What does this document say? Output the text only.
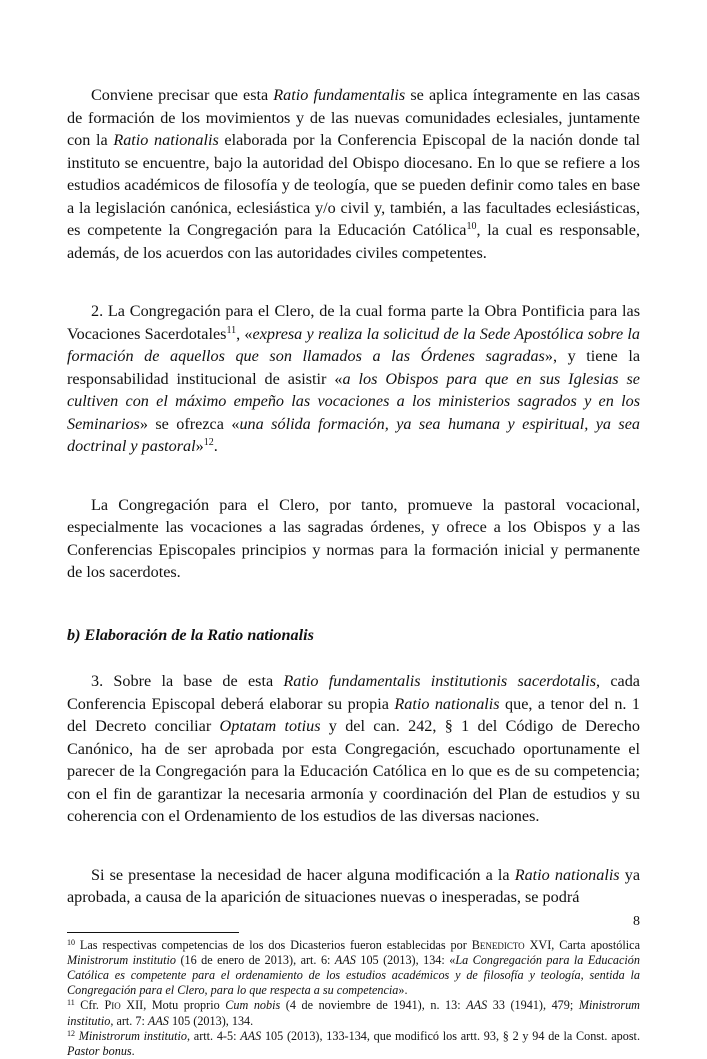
Conviene precisar que esta Ratio fundamentalis se aplica íntegramente en las casas de formación de los movimientos y de las nuevas comunidades eclesiales, juntamente con la Ratio nationalis elaborada por la Conferencia Episcopal de la nación donde tal instituto se encuentre, bajo la autoridad del Obispo diocesano. En lo que se refiere a los estudios académicos de filosofía y de teología, que se pueden definir como tales en base a la legislación canónica, eclesiástica y/o civil y, también, a las facultades eclesiásticas, es competente la Congregación para la Educación Católica$^{10}$, la cual es responsable, además, de los acuerdos con las autoridades civiles competentes.

2. La Congregación para el Clero, de la cual forma parte la Obra Pontificia para las Vocaciones Sacerdotales$^{11}$, «expresa y realiza la solicitud de la Sede Apostólica sobre la formación de aquellos que son llamados a las Órdenes sagradas», y tiene la responsabilidad institucional de asistir «a los Obispos para que en sus Iglesias se cultiven con el máximo empeño las vocaciones a los ministerios sagrados y en los Seminarios» se ofrezca «una sólida formación, ya sea humana y espiritual, ya sea doctrinal y pastoral»$^{12}$.

La Congregación para el Clero, por tanto, promueve la pastoral vocacional, especialmente las vocaciones a las sagradas órdenes, y ofrece a los Obispos y a las Conferencias Episcopales principios y normas para la formación inicial y permanente de los sacerdotes.

b) Elaboración de la Ratio nationalis

3. Sobre la base de esta Ratio fundamentalis institutionis sacerdotalis, cada Conferencia Episcopal deberá elaborar su propia Ratio nationalis que, a tenor del n. 1 del Decreto conciliar Optatam totius y del can. 242, § 1 del Código de Derecho Canónico, ha de ser aprobada por esta Congregación, escuchado oportunamente el parecer de la Congregación para la Educación Católica en lo que es de su competencia; con el fin de garantizar la necesaria armonía y coordinación del Plan de estudios y su coherencia con el Ordenamiento de los estudios de las diversas naciones.

Si se presentase la necesidad de hacer alguna modificación a la Ratio nationalis ya aprobada, a causa de la aparición de situaciones nuevas o inesperadas, se podrá

$^{10}$ Las respectivas competencias de los dos Dicasterios fueron establecidas por Benedicto XVI, Carta apostólica Ministrorum institutio (16 de enero de 2013), art. 6: AAS 105 (2013), 134: «La Congregación para la Educación Católica es competente para el ordenamiento de los estudios académicos y de filosofía y teología, sentida la Congregación para el Clero, para lo que respecta a su competencia».

$^{11}$ Cfr. Pio XII, Motu proprio Cum nobis (4 de noviembre de 1941), n. 13: AAS 33 (1941), 479; Ministrorum institutio, art. 7: AAS 105 (2013), 134.

$^{12}$ Ministrorum institutio, artt. 4-5: AAS 105 (2013), 133-134, que modificó los artt. 93, § 2 y 94 de la Const. apost. Pastor bonus.

8
